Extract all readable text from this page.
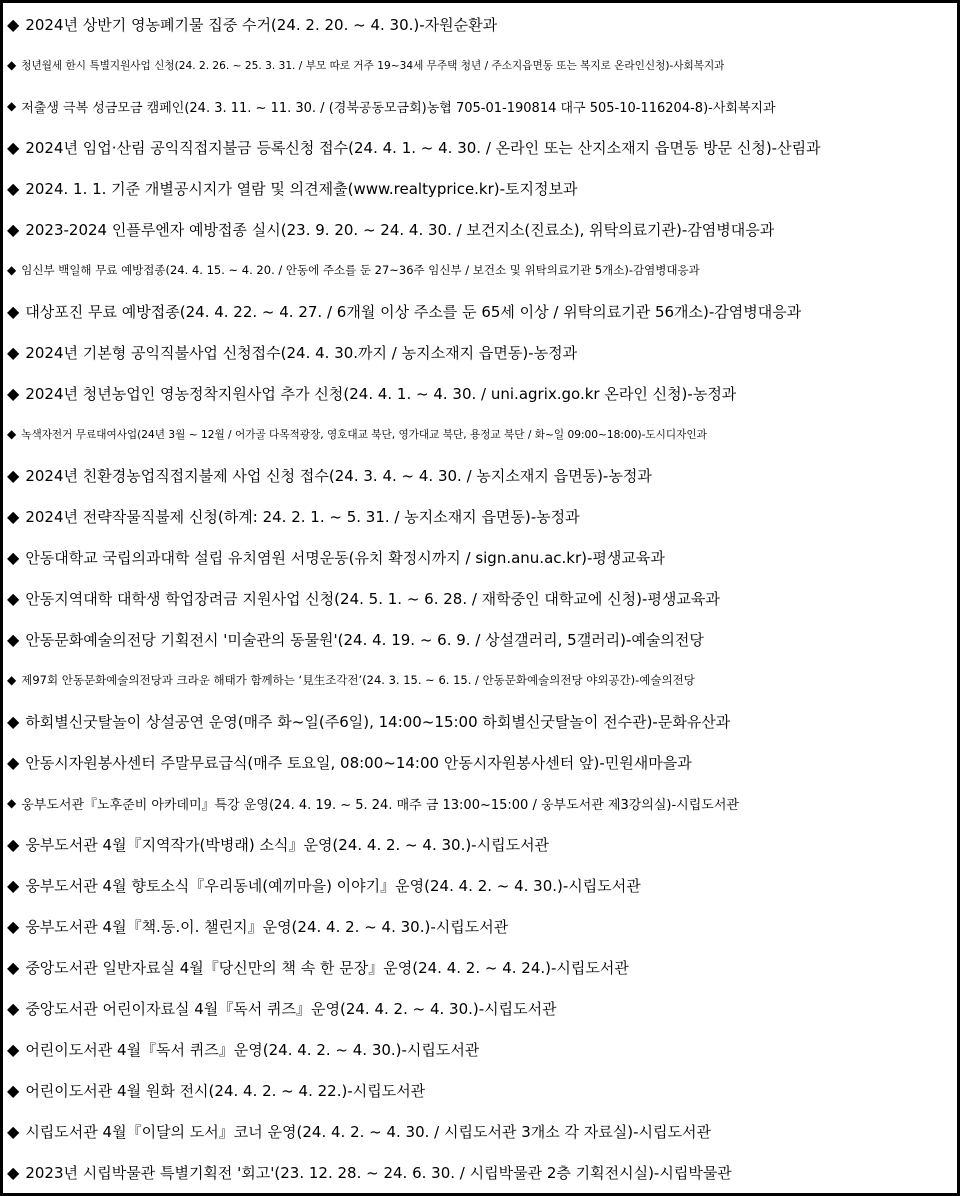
◆ 2024년 상반기 영농폐기물 집중 수거(24. 2. 20. ~ 4. 30.)-자원순환과
◆ 청년월세 한시 특별지원사업 신청(24. 2. 26. ~ 25. 3. 31. / 부모 따로 거주 19~34세 무주택 청년 / 주소지읍면동 또는 복지로 온라인신청)-사회복지과
◆ 저출생 극복 성금모금 캠페인(24. 3. 11. ~ 11. 30. / (경북공동모금회)농협 705-01-190814 대구 505-10-116204-8)-사회복지과
◆ 2024년 임업·산림 공익직접지불금 등록신청 접수(24. 4. 1. ~ 4. 30. / 온라인 또는 산지소재지 읍면동 방문 신청)-산림과
◆ 2024. 1. 1. 기준 개별공시지가 열람 및 의견제출(www.realtyprice.kr)-토지정보과
◆ 2023-2024 인플루엔자 예방접종 실시(23. 9. 20. ~ 24. 4. 30. / 보건지소(진료소), 위탁의료기관)-감염병대응과
◆ 임신부 백일해 무료 예방접종(24. 4. 15. ~ 4. 20. / 안동에 주소를 둔 27~36주 임신부 / 보건소 및 위탁의료기관 5개소)-감염병대응과
◆ 대상포진 무료 예방접종(24. 4. 22. ~ 4. 27. / 6개월 이상 주소를 둔 65세 이상 / 위탁의료기관 56개소)-감염병대응과
◆ 2024년 기본형 공익직불사업 신청접수(24. 4. 30.까지 / 농지소재지 읍면동)-농정과
◆ 2024년 청년농업인 영농정착지원사업 추가 신청(24. 4. 1. ~ 4. 30. / uni.agrix.go.kr 온라인 신청)-농정과
◆ 녹색자전거 무료대여사업(24년 3월 ~ 12월 / 어가골 다목적광장, 영호대교 북단, 영가대교 북단, 용정교 북단 / 화~일 09:00~18:00)-도시디자인과
◆ 2024년 친환경농업직접지불제 사업 신청 접수(24. 3. 4. ~ 4. 30. / 농지소재지 읍면동)-농정과
◆ 2024년 전략작물직불제 신청(하계: 24. 2. 1. ~ 5. 31. / 농지소재지 읍면동)-농정과
◆ 안동대학교 국립의과대학 설립 유치염원 서명운동(유치 확정시까지 / sign.anu.ac.kr)-평생교육과
◆ 안동지역대학 대학생 학업장려금 지원사업 신청(24. 5. 1. ~ 6. 28. / 재학중인 대학교에 신청)-평생교육과
◆ 안동문화예술의전당 기획전시 '미술관의 동물원'(24. 4. 19. ~ 6. 9. / 상설갤러리, 5갤러리)-예술의전당
◆ 제97회 안동문화예술의전당과 크라운 해태가 함께하는 ‘見生조각전’(24. 3. 15. ~ 6. 15. / 안동문화예술의전당 야외공간)-예술의전당
◆ 하회별신굿탈놀이 상설공연 운영(매주 화~일(주6일), 14:00~15:00 하회별신굿탈놀이 전수관)-문화유산과
◆ 안동시자원봉사센터 주말무료급식(매주 토요일, 08:00~14:00 안동시자원봉사센터 앞)-민원새마을과
◆ 웅부도서관『노후준비 아카데미』특강 운영(24. 4. 19. ~ 5. 24. 매주 금 13:00~15:00 / 웅부도서관 제3강의실)-시립도서관
◆ 웅부도서관 4월『지역작가(박병래) 소식』운영(24. 4. 2. ~ 4. 30.)-시립도서관
◆ 웅부도서관 4월 향토소식『우리동네(예끼마을) 이야기』운영(24. 4. 2. ~ 4. 30.)-시립도서관
◆ 웅부도서관 4월『책.동.이. 챌린지』운영(24. 4. 2. ~ 4. 30.)-시립도서관
◆ 중앙도서관 일반자료실 4월『당신만의 책 속 한 문장』운영(24. 4. 2. ~ 4. 24.)-시립도서관
◆ 중앙도서관 어린이자료실 4월『독서 퀴즈』운영(24. 4. 2. ~ 4. 30.)-시립도서관
◆ 어린이도서관 4월『독서 퀴즈』운영(24. 4. 2. ~ 4. 30.)-시립도서관
◆ 어린이도서관 4월 원화 전시(24. 4. 2. ~ 4. 22.)-시립도서관
◆ 시립도서관 4월『이달의 도서』코너 운영(24. 4. 2. ~ 4. 30. / 시립도서관 3개소 각 자료실)-시립도서관
◆ 2023년 시립박물관 특별기획전 '회고'(23. 12. 28. ~ 24. 6. 30. / 시립박물관 2층 기획전시실)-시립박물관
